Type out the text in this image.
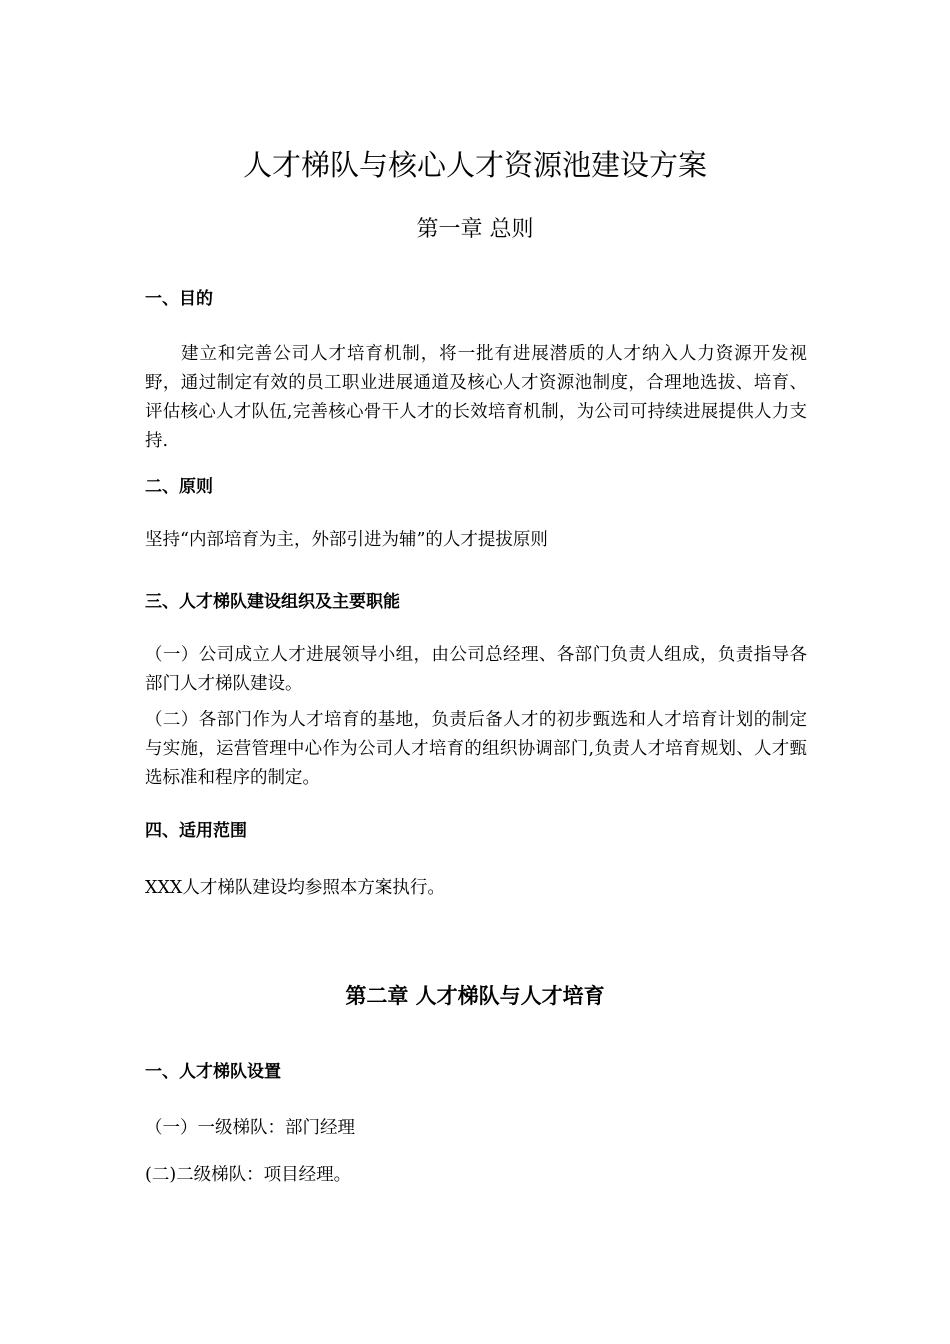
人才梯队与核心人才资源池建设方案
第一章 总则
一、目的

建立和完善公司人才培育机制，将一批有进展潜质的人才纳入人力资源开发视野，通过制定有效的员工职业进展通道及核心人才资源池制度，合理地选拔、培育、评估核心人才队伍,完善核心骨干人才的长效培育机制，为公司可持续进展提供人力支持.

二、原则

坚持“内部培育为主，外部引进为辅”的人才提拔原则

三、人才梯队建设组织及主要职能

（一）公司成立人才进展领导小组，由公司总经理、各部门负责人组成，负责指导各部门人才梯队建设。

（二）各部门作为人才培育的基地，负责后备人才的初步甄选和人才培育计划的制定与实施，运营管理中心作为公司人才培育的组织协调部门,负责人才培育规划、人才甄选标准和程序的制定。

四、适用范围

XXX人才梯队建设均参照本方案执行。

第二章 人才梯队与人才培育
一、人才梯队设置

（一）一级梯队：部门经理

(二)二级梯队：项目经理。
